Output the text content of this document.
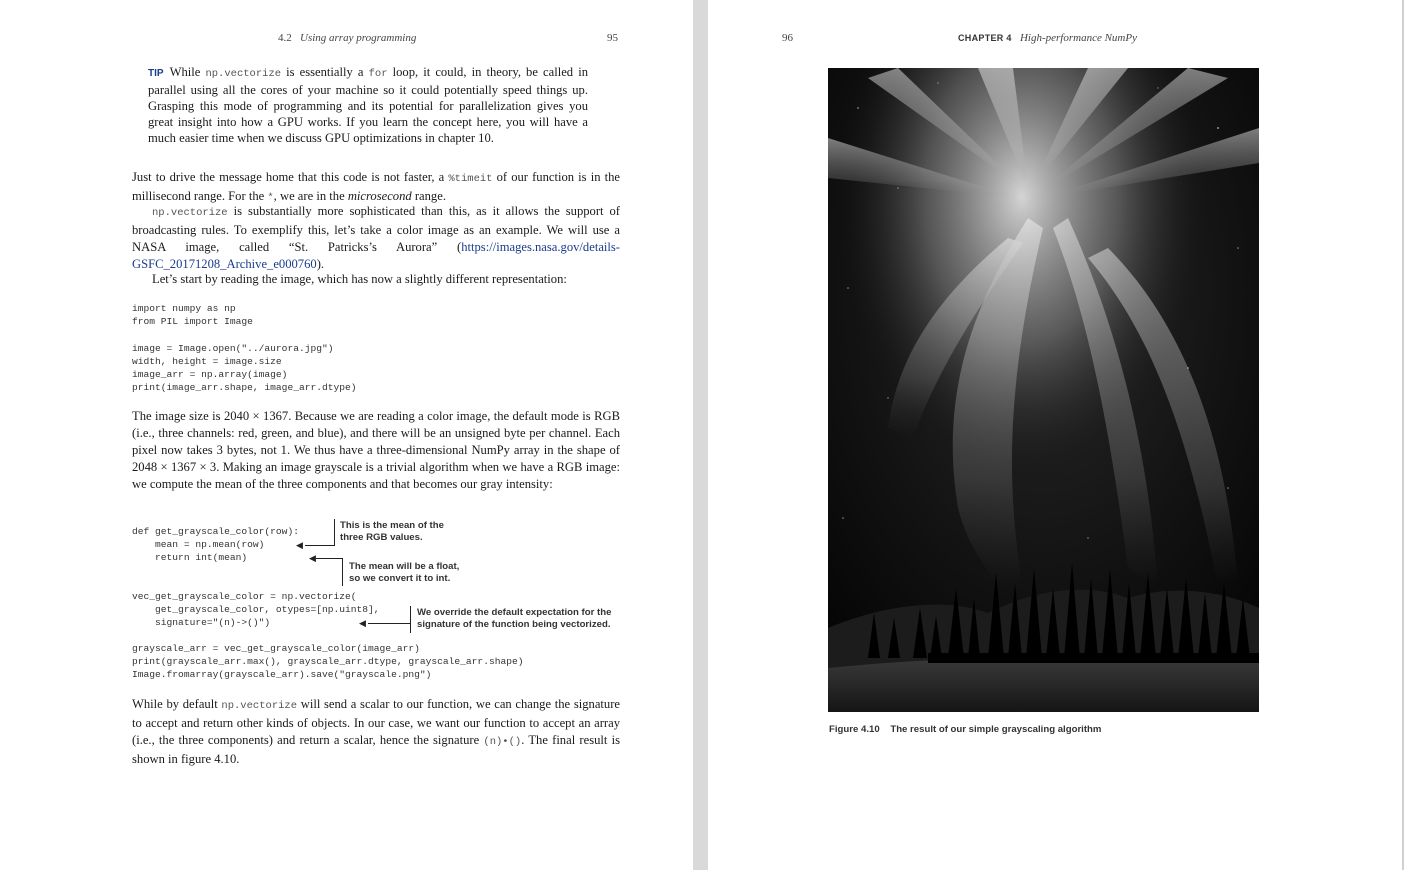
4.2 Using array programming	95

TIP While np.vectorize is essentially a for loop, it could, in theory, be called in parallel using all the cores of your machine so it could potentially speed things up. Grasping this mode of programming and its potential for parallelization gives you great insight into how a GPU works. If you learn the concept here, you will have a much easier time when we discuss GPU optimizations in chapter 10.

Just to drive the message home that this code is not faster, a %timeit of our function is in the millisecond range. For the *, we are in the microsecond range.

np.vectorize is substantially more sophisticated than this, as it allows the support of broadcasting rules. To exemplify this, let’s take a color image as an example. We will use a NASA image, called “St. Patricks’s Aurora” (https://images.nasa.gov/details-GSFC_20171208_Archive_e000760).

Let’s start by reading the image, which has now a slightly different representation:

import numpy as np
from PIL import Image
image = Image.open("../aurora.jpg")
width, height = image.size
image_arr = np.array(image)
print(image_arr.shape, image_arr.dtype)

The image size is 2040 × 1367. Because we are reading a color image, the default mode is RGB (i.e., three channels: red, green, and blue), and there will be an unsigned byte per channel. Each pixel now takes 3 bytes, not 1. We thus have a three-dimensional NumPy array in the shape of 2048 × 1367 × 3. Making an image grayscale is a trivial algorithm when we have a RGB image: we compute the mean of the three components and that becomes our gray intensity:

def get_grayscale_color(row):
mean = np.mean(row)
return int(mean)
◀
This is the mean of the
three RGB values.
◀
The mean will be a float,
so we convert it to int.
vec_get_grayscale_color = np.vectorize(
get_grayscale_color, otypes=[np.uint8],
signature="(n)->()")	◀
We override the default expectation for the
signature of the function being vectorized.
grayscale_arr = vec_get_grayscale_color(image_arr)
print(grayscale_arr.max(), grayscale_arr.dtype, grayscale_arr.shape)
Image.fromarray(grayscale_arr).save("grayscale.png")

While by default np.vectorize will send a scalar to our function, we can change the signature to accept and return other kinds of objects. In our case, we want our function to accept an array (i.e., the three components) and return a scalar, hence the signature (n)•(). The final result is shown in figure 4.10.

96	CHAPTER 4 High-performance NumPy
Figure 4.10 The result of our simple grayscaling algorithm
